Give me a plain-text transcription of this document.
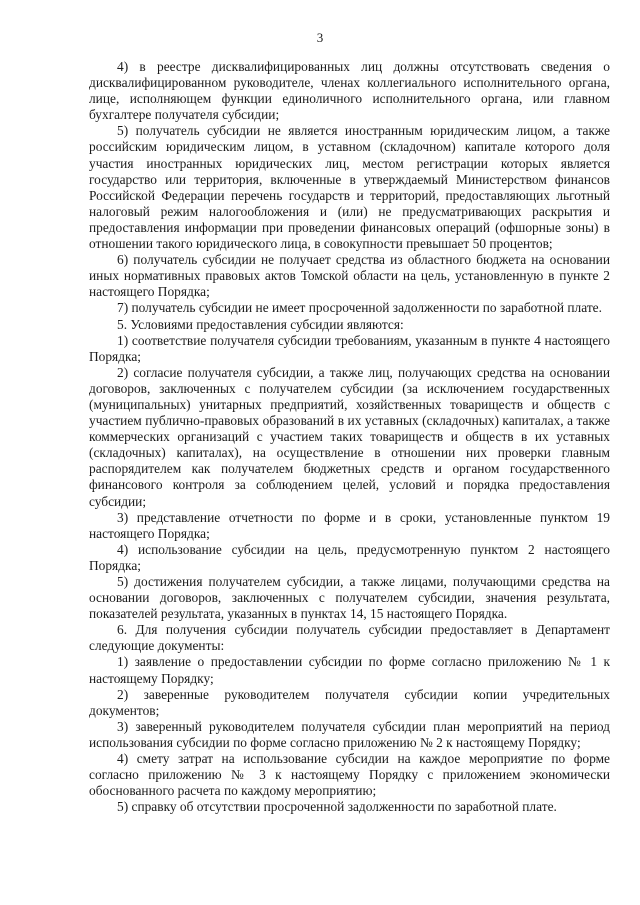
3

4) в реестре дисквалифицированных лиц должны отсутствовать сведения о дисквалифицированном руководителе, членах коллегиального исполнительного органа, лице, исполняющем функции единоличного исполнительного органа, или главном бухгалтере получателя субсидии;

5) получатель субсидии не является иностранным юридическим лицом, а также российским юридическим лицом, в уставном (складочном) капитале которого доля участия иностранных юридических лиц, местом регистрации которых является государство или территория, включенные в утверждаемый Министерством финансов Российской Федерации перечень государств и территорий, предоставляющих льготный налоговый режим налогообложения и (или) не предусматривающих раскрытия и предоставления информации при проведении финансовых операций (офшорные зоны) в отношении такого юридического лица, в совокупности превышает 50 процентов;

6) получатель субсидии не получает средства из областного бюджета на основании иных нормативных правовых актов Томской области на цель, установленную в пункте 2 настоящего Порядка;

7) получатель субсидии не имеет просроченной задолженности по заработной плате.

5. Условиями предоставления субсидии являются:

1) соответствие получателя субсидии требованиям, указанным в пункте 4 настоящего Порядка;

2) согласие получателя субсидии, а также лиц, получающих средства на основании договоров, заключенных с получателем субсидии (за исключением государственных (муниципальных) унитарных предприятий, хозяйственных товариществ и обществ с участием публично-правовых образований в их уставных (складочных) капиталах, а также коммерческих организаций с участием таких товариществ и обществ в их уставных (складочных) капиталах), на осуществление в отношении них проверки главным распорядителем как получателем бюджетных средств и органом государственного финансового контроля за соблюдением целей, условий и порядка предоставления субсидии;

3) представление отчетности по форме и в сроки, установленные пунктом 19 настоящего Порядка;

4) использование субсидии на цель, предусмотренную пунктом 2 настоящего Порядка;

5) достижения получателем субсидии, а также лицами, получающими средства на основании договоров, заключенных с получателем субсидии, значения результата, показателей результата, указанных в пунктах 14, 15 настоящего Порядка.

6. Для получения субсидии получатель субсидии предоставляет в Департамент следующие документы:

1) заявление о предоставлении субсидии по форме согласно приложению № 1 к настоящему Порядку;

2) заверенные руководителем получателя субсидии копии учредительных документов;

3) заверенный руководителем получателя субсидии план мероприятий на период использования субсидии по форме согласно приложению № 2 к настоящему Порядку;

4) смету затрат на использование субсидии на каждое мероприятие по форме согласно приложению № 3 к настоящему Порядку с приложением экономически обоснованного расчета по каждому мероприятию;

5) справку об отсутствии просроченной задолженности по заработной плате.
